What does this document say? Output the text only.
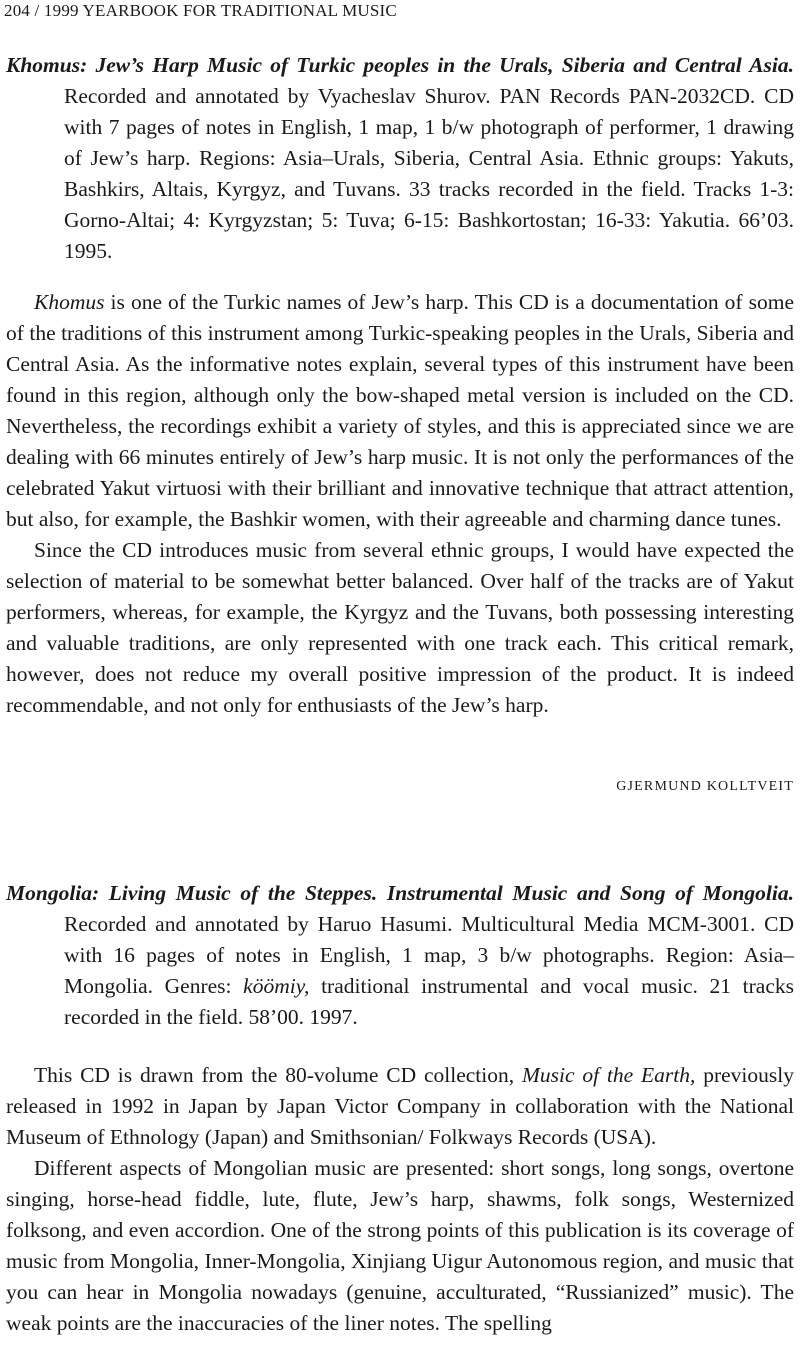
204 / 1999 YEARBOOK FOR TRADITIONAL MUSIC

Khomus: Jew’s Harp Music of Turkic peoples in the Urals, Siberia and Central Asia. Recorded and annotated by Vyacheslav Shurov. PAN Records PAN-2032CD. CD with 7 pages of notes in English, 1 map, 1 b/w photograph of performer, 1 drawing of Jew’s harp. Regions: Asia–Urals, Siberia, Central Asia. Ethnic groups: Yakuts, Bashkirs, Altais, Kyrgyz, and Tuvans. 33 tracks recorded in the field. Tracks 1-3: Gorno-Altai; 4: Kyrgyzstan; 5: Tuva; 6-15: Bashkortostan; 16-33: Yakutia. 66’03. 1995.

Khomus is one of the Turkic names of Jew’s harp. This CD is a documentation of some of the traditions of this instrument among Turkic-speaking peoples in the Urals, Siberia and Central Asia. As the informative notes explain, several types of this instrument have been found in this region, although only the bow-shaped metal version is included on the CD. Nevertheless, the recordings exhibit a variety of styles, and this is appreciated since we are dealing with 66 minutes entirely of Jew’s harp music. It is not only the performances of the celebrated Yakut virtuosi with their brilliant and innovative technique that attract attention, but also, for example, the Bashkir women, with their agreeable and charming dance tunes.

Since the CD introduces music from several ethnic groups, I would have expected the selection of material to be somewhat better balanced. Over half of the tracks are of Yakut performers, whereas, for example, the Kyrgyz and the Tuvans, both possessing interesting and valuable traditions, are only represented with one track each. This critical remark, however, does not reduce my overall positive impression of the product. It is indeed recommendable, and not only for enthusiasts of the Jew’s harp.

GJERMUND KOLLTVEIT

Mongolia: Living Music of the Steppes. Instrumental Music and Song of Mongolia. Recorded and annotated by Haruo Hasumi. Multicultural Media MCM-3001. CD with 16 pages of notes in English, 1 map, 3 b/w photographs. Region: Asia–Mongolia. Genres: köömiy, traditional instrumental and vocal music. 21 tracks recorded in the field. 58’00. 1997.

This CD is drawn from the 80-volume CD collection, Music of the Earth, previously released in 1992 in Japan by Japan Victor Company in collaboration with the National Museum of Ethnology (Japan) and Smithsonian/ Folkways Records (USA).

Different aspects of Mongolian music are presented: short songs, long songs, overtone singing, horse-head fiddle, lute, flute, Jew’s harp, shawms, folk songs, Westernized folksong, and even accordion. One of the strong points of this publication is its coverage of music from Mongolia, Inner-Mongolia, Xinjiang Uigur Autonomous region, and music that you can hear in Mongolia nowadays (genuine, acculturated, “Russianized” music). The weak points are the inaccuracies of the liner notes. The spelling
